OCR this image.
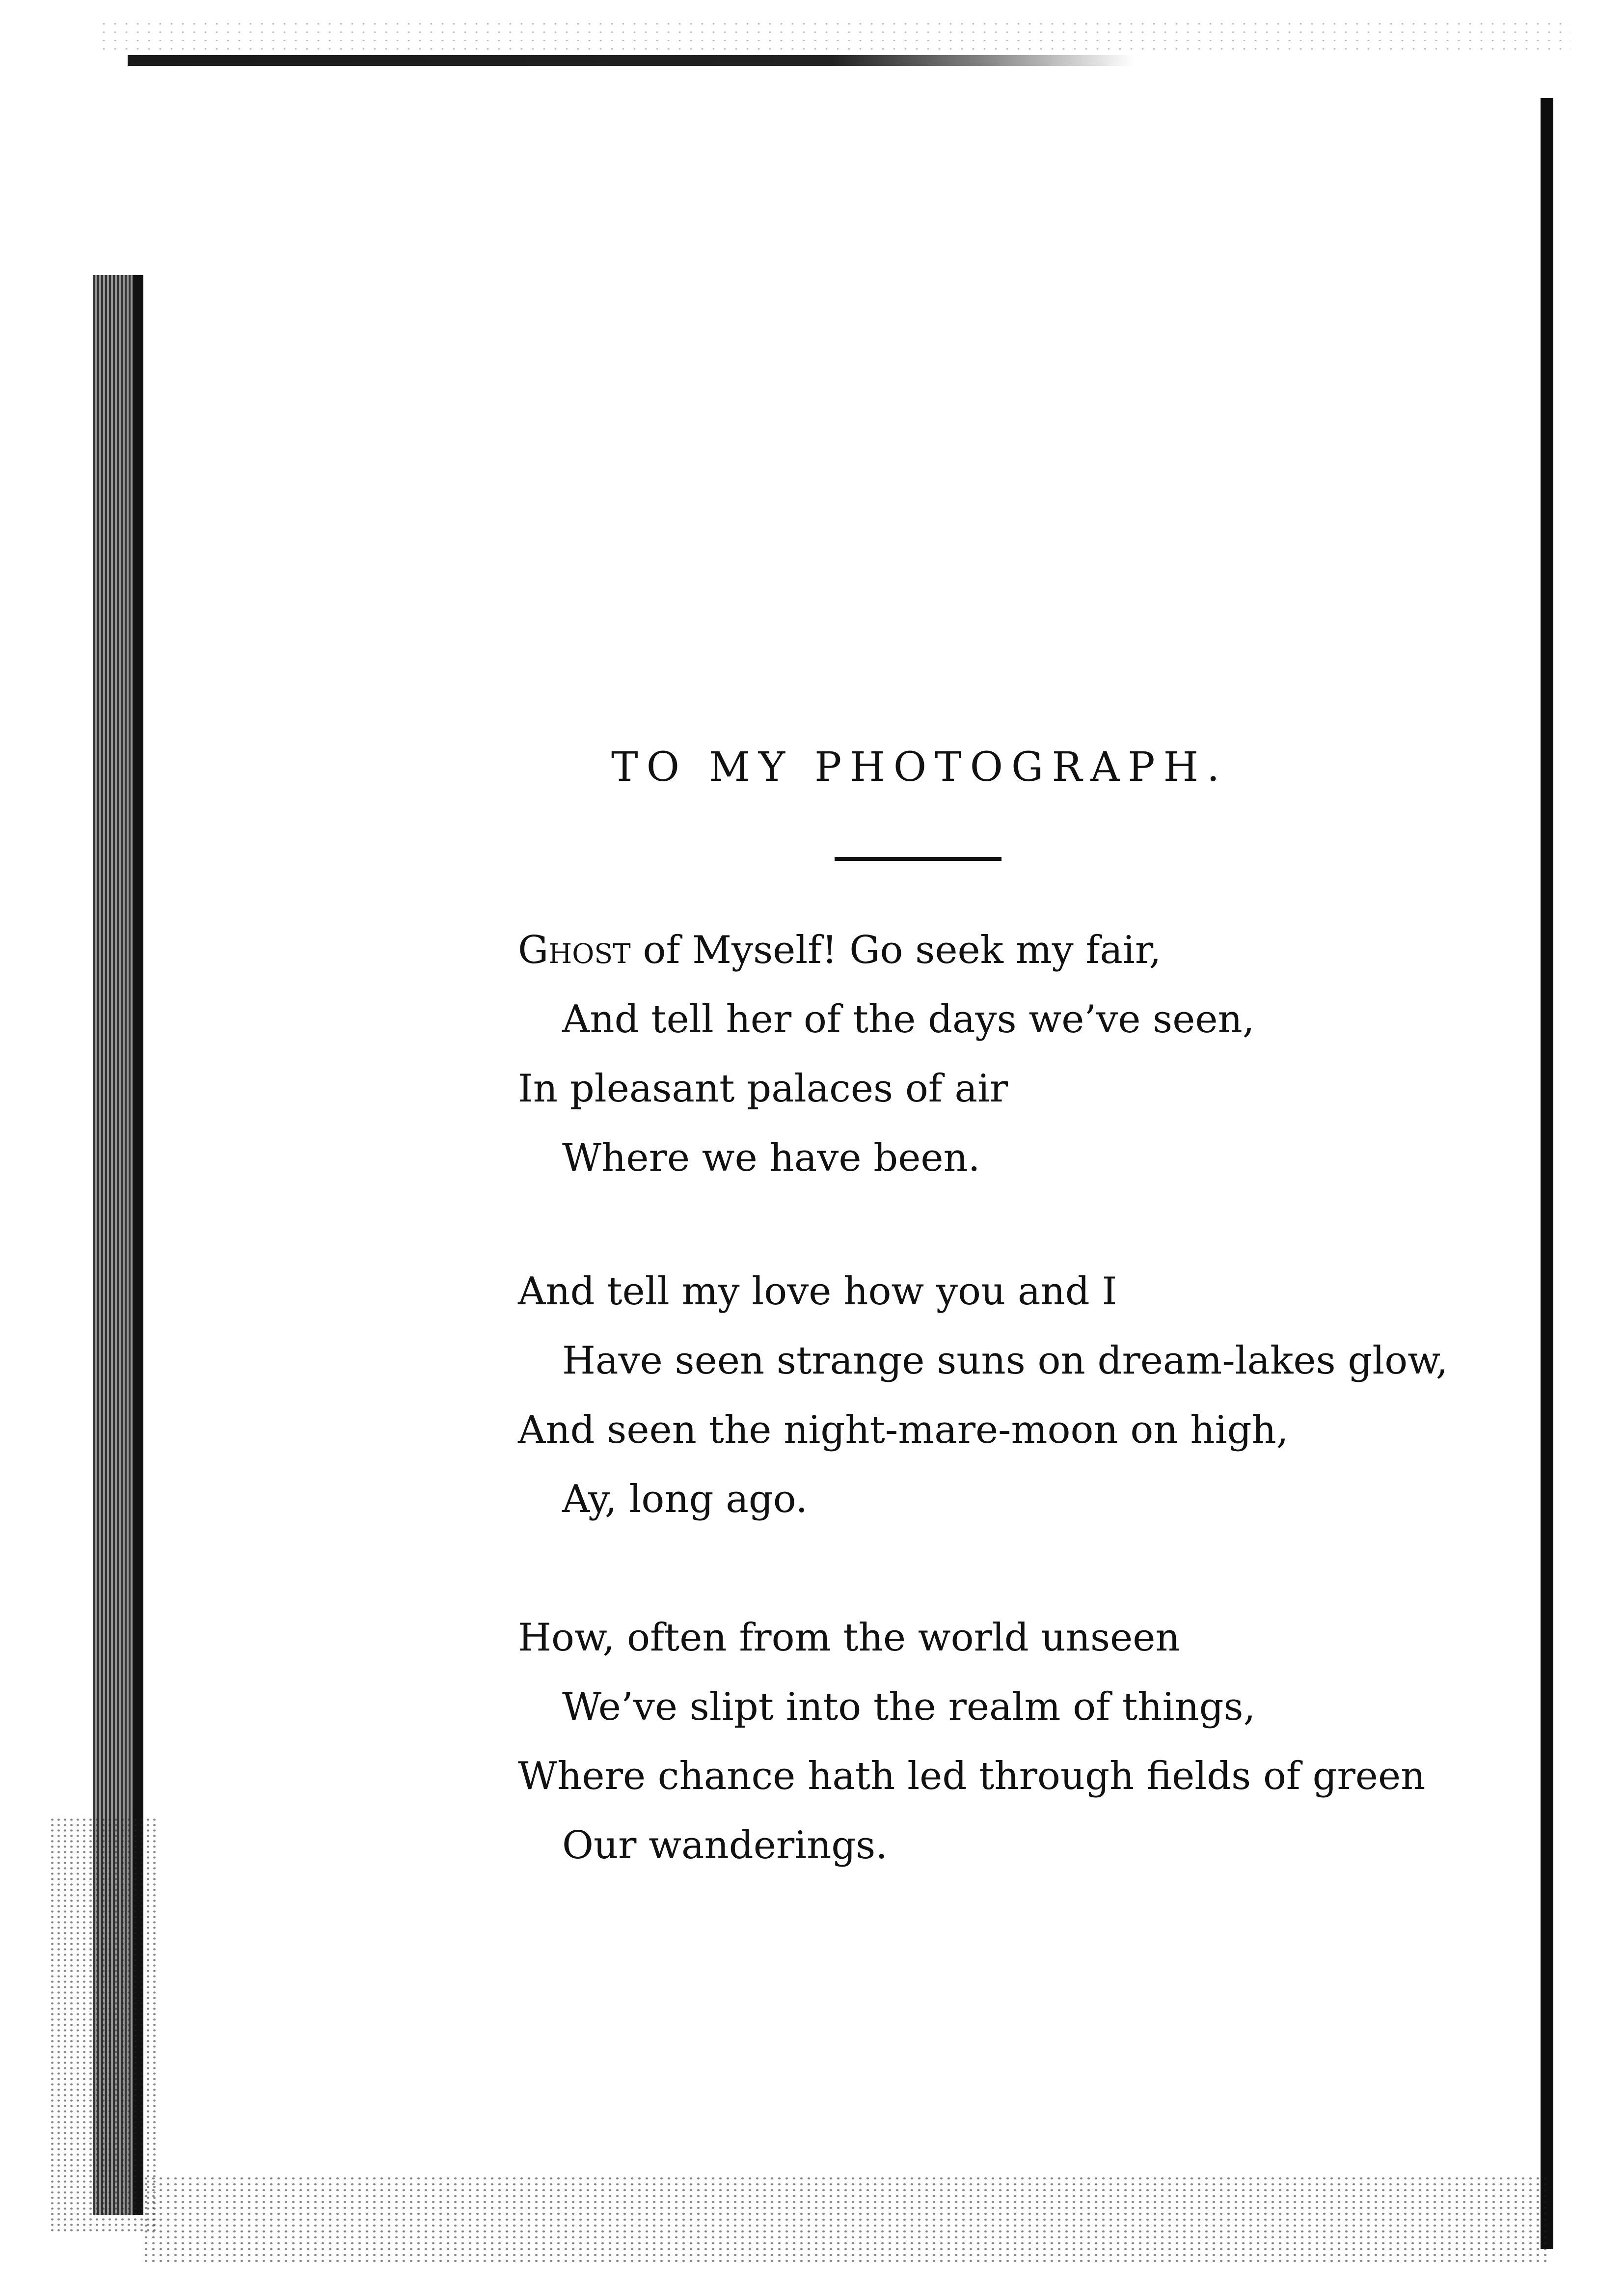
TO MY PHOTOGRAPH.
Ghost of Myself! Go seek my fair,
And tell her of the days we’ve seen,
In pleasant palaces of air
Where we have been.
And tell my love how you and I
Have seen strange suns on dream-lakes glow,
And seen the night-mare-moon on high,
Ay, long ago.
How, often from the world unseen
We’ve slipt into the realm of things,
Where chance hath led through fields of green
Our wanderings.
